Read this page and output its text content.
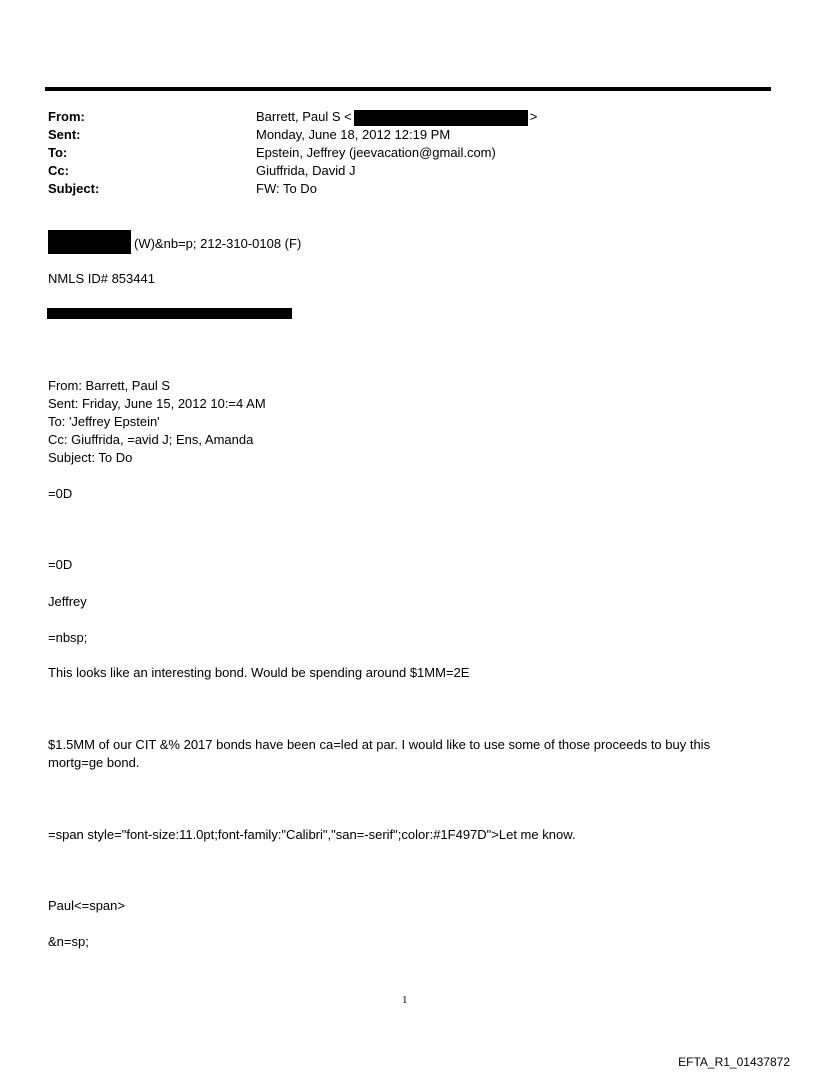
From:	Barrett, Paul S <	>
Sent:	Monday, June 18, 2012 12:19 PM
To:	Epstein, Jeffrey (jeevacation@gmail.com)
Cc:	Giuffrida, David J
Subject:	FW: To Do
(W)&nb=p; 212-310-0108 (F)
NMLS ID# 853441
From: Barrett, Paul S
Sent: Friday, June 15, 2012 10:=4 AM
To: 'Jeffrey Epstein'
Cc: Giuffrida, =avid J; Ens, Amanda
Subject: To Do
=0D
=0D
Jeffrey
=nbsp;
This looks like an interesting bond. Would be spending around $1MM=2E
$1.5MM of our CIT &% 2017 bonds have been ca=led at par. I would like to use some of those proceeds to buy this mortg=ge bond.
=span style="font-size:11.0pt;font-family:"Calibri","san=-serif";color:#1F497D">Let me know.
Paul<=span>
&n=sp;
1
EFTA_R1_01437872
